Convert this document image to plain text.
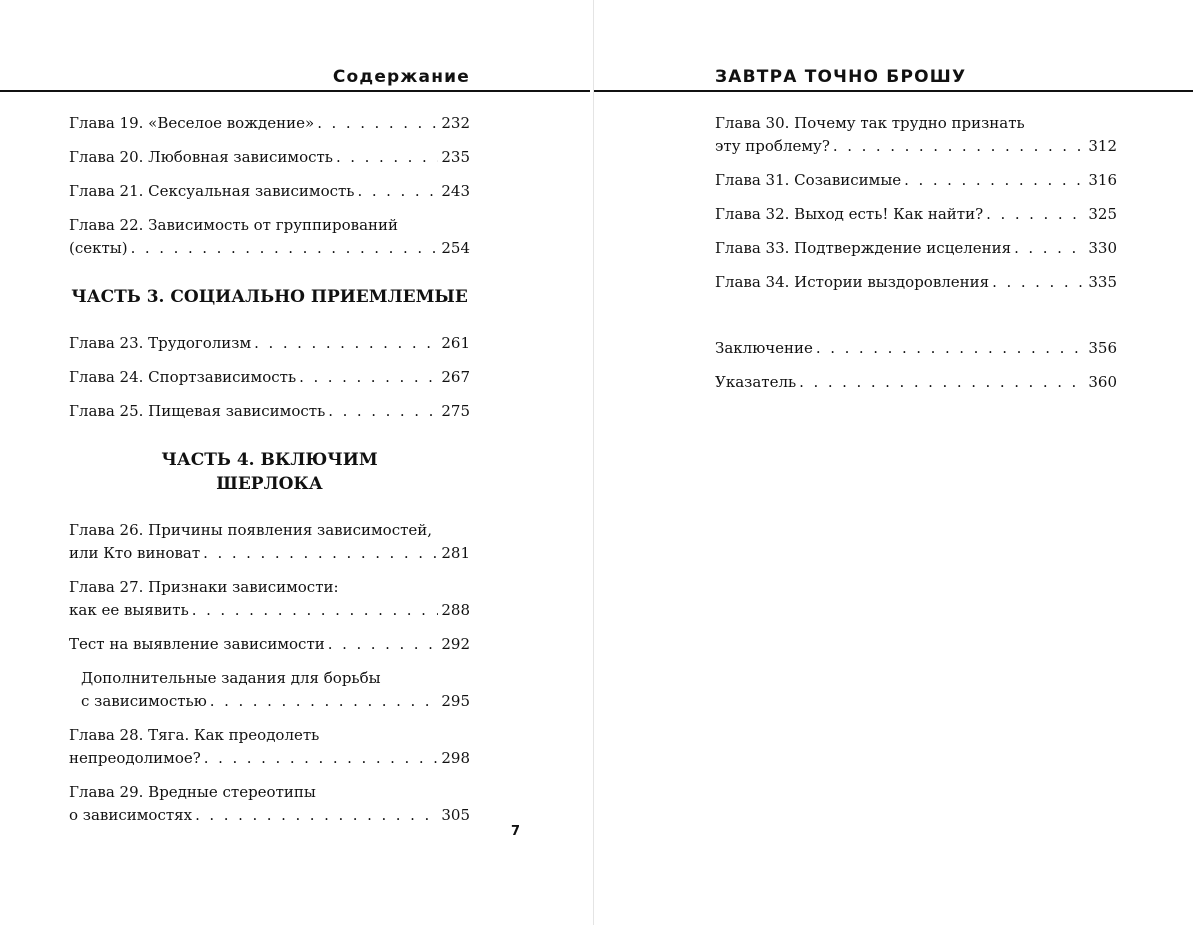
Содержание
Глава 19. «Веселое вождение» . . .	232
Глава 20. Любовная зависимость . . .	235
Глава 21. Сексуальная зависимость . . .	243
Глава 22. Зависимость от группирований
(секты) . . .	254
ЧАСТЬ 3. СОЦИАЛЬНО ПРИЕМЛЕМЫЕ
Глава 23. Трудоголизм . . .	261
Глава 24. Спортзависимость . . .	267
Глава 25. Пищевая зависимость . . .	275
ЧАСТЬ 4. ВКЛЮЧИМ ШЕРЛОКА
Глава 26. Причины появления зависимостей,
или Кто виноват . . .	281
Глава 27. Признаки зависимости:
как ее выявить . . .	288
Тест на выявление зависимости . . .	292
Дополнительные задания для борьбы
с зависимостью . . .	295
Глава 28. Тяга. Как преодолеть
непреодолимое? . . .	298
Глава 29. Вредные стереотипы
о зависимостях . . .	305
7
ЗАВТРА ТОЧНО БРОШУ
Глава 30. Почему так трудно признать
эту проблему? . . .	312
Глава 31. Созависимые . . .	316
Глава 32. Выход есть! Как найти? . . .	325
Глава 33. Подтверждение исцеления . . .	330
Глава 34. Истории выздоровления . . .	335
Заключение . . .	356
Указатель . . .	360
